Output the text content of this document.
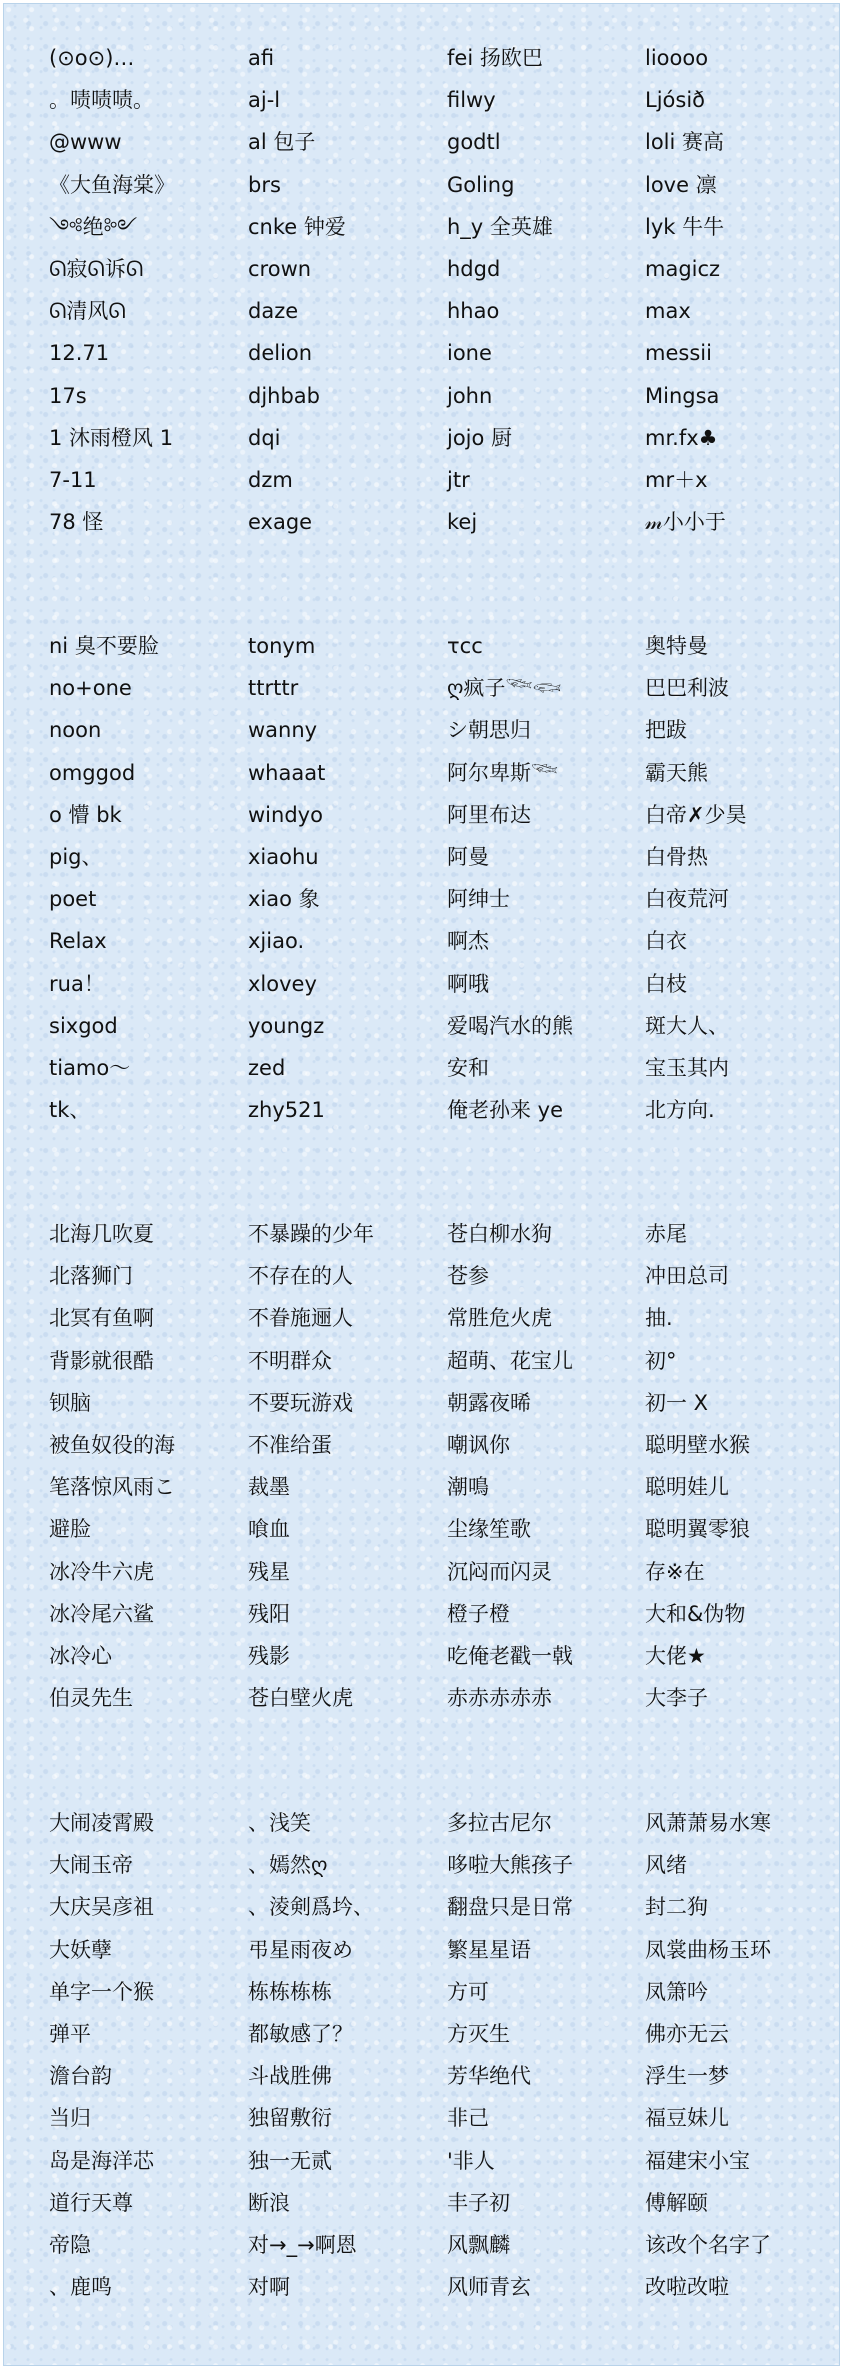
(⊙o⊙)…	afi	fei 扬欧巴	lioooo
。啧啧啧。	aj-l	filwy	Ljósið
@www	al 包子	godtl	loli 赛高
《大鱼海棠》	brs	Goling	love 凛
༺绝༻	cnke 钟爱	h_y 全英雄	lyk 牛牛
ᘏ寂ᘏ诉ᘏ	crown	hdgd	magicz
ᘏ清风ᘏ	daze	hhao	max
12.71	delion	ione	messii
17s	djhbab	john	Mingsa
1 沐雨橙风 1	dqi	jojo 厨	mr.fx♣
7-11	dzm	jtr	mr＋x
78 怪	exage	kej	𝓂小小于
ni 臭不要脸	tonym	τcc	奥特曼
no+one	ttrttr	ღ疯子𓆝𓆟	巴巴利波
noon	wanny	シ朝思归	把跋
omggod	whaaat	阿尔卑斯𓆝	霸天熊
o 懵 bk	windyo	阿里布达	白帝✗少昊
pig、	xiaohu	阿曼	白骨热
poet	xiao 象	阿绅士	白夜荒河
Relax	xjiao.	啊杰	白衣
rua！	xlovey	啊哦	白枝
sixgod	youngz	爱喝汽水的熊	斑大人、
tiamo～	zed	安和	宝玉其内
tk、	zhy521	俺老孙来 ye	北方向.
北海几吹夏	不暴躁的少年	苍白柳水狗	赤尾
北落狮门	不存在的人	苍参	冲田总司
北冥有鱼啊	不眷施逦人	常胜危火虎	抽.
背影就很酷	不明群众	超萌、花宝儿	初°
钡脑	不要玩游戏	朝露夜晞	初一 X
被鱼奴役的海	不准给蛋	嘲讽你	聪明壁水猴
笔落惊风雨こ	裁墨	潮鳴	聪明娃儿
避脸	喰血	尘缘笙歌	聪明翼零狼
冰冷牛六虎	残星	沉闷而闪灵	存※在
冰冷尾六鲨	残阳	橙子橙	大和&伪物
冰冷心	残影	吃俺老戳一戟	大佬★
伯灵先生	苍白壁火虎	赤赤赤赤赤	大李子
大闹凌霄殿	、浅笑	多拉古尼尔	风萧萧易水寒
大闹玉帝	、嫣然ღ	哆啦大熊孩子	风绪
大庆吴彦祖	、淩剣爲坅、	翻盘只是日常	封二狗
大妖孽	弔星雨夜め	繁星星语	凤裳曲杨玉环
单字一个猴	栋栋栋栋	方可	凤箫吟
弹平	都敏感了？	方灭生	佛亦无云
澹台韵	斗战胜佛	芳华绝代	浮生一梦
当归	独留敷衍	非己	福豆妹儿
岛是海洋芯	独一无贰	'非人	福建宋小宝
道行天尊	断浪	丰子初	傅解颐
帝隐	对→_→啊恩	风飘麟	该改个名字了
、鹿鸣	对啊	风师青玄	改啦改啦
